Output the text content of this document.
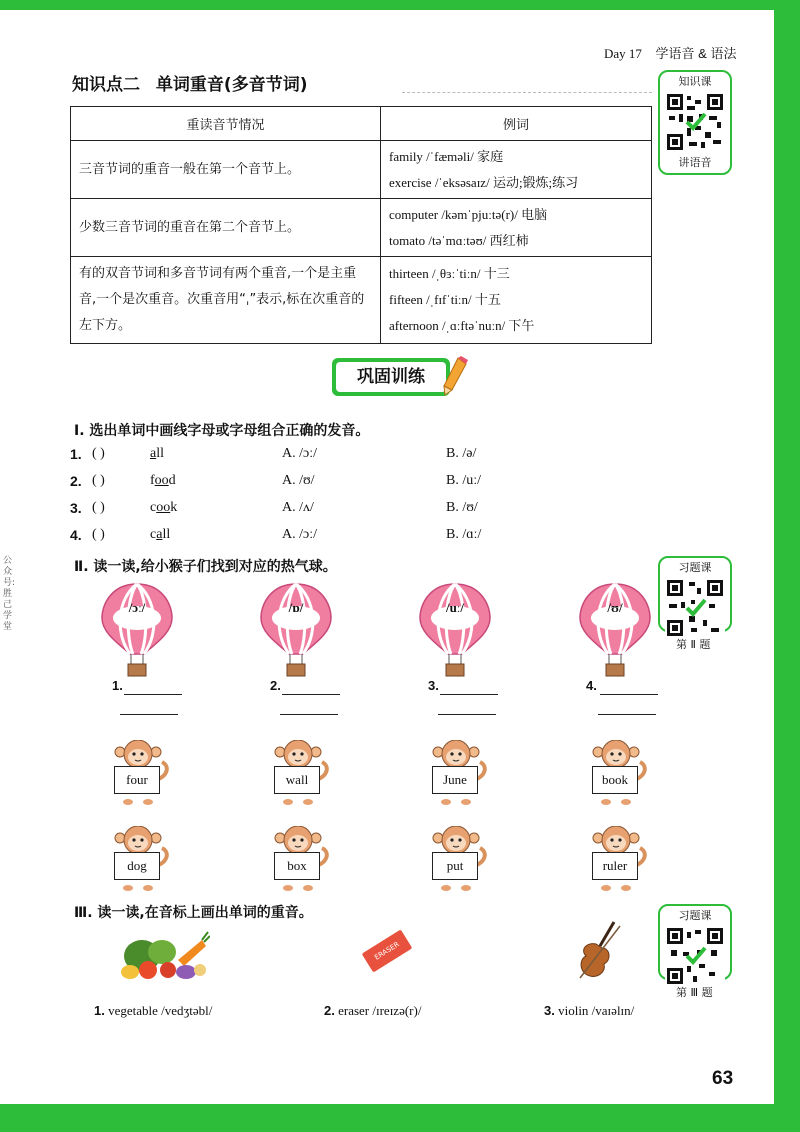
Day 17 学语音 & 语法
知识点二 单词重音(多音节词)
重读音节情况	例词
三音节词的重音一般在第一个音节上。	family /ˈfæməli/ 家庭
exercise /ˈeksəsaɪz/ 运动;锻炼;练习

少数三音节词的重音在第二个音节上。	computer /kəmˈpjuːtə(r)/ 电脑
tomato /təˈmɑːtəʊ/ 西红柿

有的双音节词和多音节词有两个重音,一个是主重音,一个是次重音。次重音用“ˌ”表示,标在次重音的左下方。	thirteen /ˌθɜːˈtiːn/ 十三
fifteen /ˌfɪfˈtiːn/ 十五
afternoon /ˌɑːftəˈnuːn/ 下午
知识课
讲语音
习题课
第 Ⅱ 题
习题课
第 Ⅲ 题
巩固训练
Ⅰ. 选出单词中画线字母或字母组合正确的发音。
1. ( )	all	A. /ɔː/	B. /ə/
2. ( )	food	A. /ʊ/	B. /uː/
3. ( )	cook	A. /ʌ/	B. /ʊ/
4. ( )	call	A. /ɔː/	B. /ɑː/
公众号:胜己学堂
Ⅱ. 读一读,给小猴子们找到对应的热气球。
/ɔː/	/ɒ/	/uː/	/ʊ/
1.	2.	3.	4.
four	wall	June	book
dog	box	put	ruler
Ⅲ. 读一读,在音标上画出单词的重音。
ERASER
1. vegetable /vedʒtəbl/	2. eraser /ɪreɪzə(r)/	3. violin /vaɪəlɪn/
63
